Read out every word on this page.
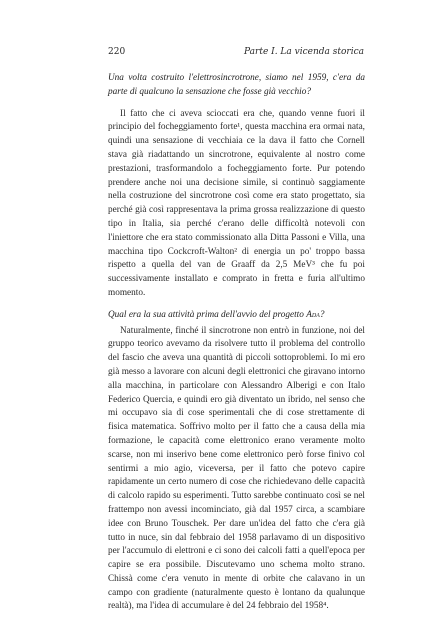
220	Parte I. La vicenda storica

Una volta costruito l'elettrosincrotrone, siamo nel 1959, c'era da parte di qualcuno la sensazione che fosse già vecchio?

Il fatto che ci aveva scioccati era che, quando venne fuori il principio del focheggiamento forte¹, questa macchina era ormai nata, quindi una sensazione di vecchiaia ce la dava il fatto che Cornell stava già riadattando un sincrotrone, equivalente al nostro come prestazioni, trasformandolo a focheggiamento forte. Pur potendo prendere anche noi una decisione simile, si continuò saggiamente nella costruzione del sincrotrone così come era stato progettato, sia perché già così rappresentava la prima grossa realizzazione di questo tipo in Italia, sia perché c'erano delle difficoltà notevoli con l'iniettore che era stato commissionato alla Ditta Passoni e Villa, una macchina tipo Cockcroft-Walton² di energia un po' troppo bassa rispetto a quella del van de Graaff da 2,5 MeV³ che fu poi successivamente installato e comprato in fretta e furia all'ultimo momento.

Qual era la sua attività prima dell'avvio del progetto Ada?

Naturalmente, finché il sincrotrone non entrò in funzione, noi del gruppo teorico avevamo da risolvere tutto il problema del controllo del fascio che aveva una quantità di piccoli sottoproblemi. Io mi ero già messo a lavorare con alcuni degli elettronici che giravano intorno alla macchina, in particolare con Alessandro Alberigi e con Italo Federico Quercia, e quindi ero già diventato un ibrido, nel senso che mi occupavo sia di cose sperimentali che di cose strettamente di fisica matematica. Soffrivo molto per il fatto che a causa della mia formazione, le capacità come elettronico erano veramente molto scarse, non mi inserivo bene come elettronico però forse finivo col sentirmi a mio agio, viceversa, per il fatto che potevo capire rapidamente un certo numero di cose che richiedevano delle capacità di calcolo rapido su esperimenti. Tutto sarebbe continuato così se nel frattempo non avessi incominciato, già dal 1957 circa, a scambiare idee con Bruno Touschek. Per dare un'idea del fatto che c'era già tutto in nuce, sin dal febbraio del 1958 parlavamo di un dispositivo per l'accumulo di elettroni e ci sono dei calcoli fatti a quell'epoca per capire se era possibile. Discutevamo uno schema molto strano. Chissà come c'era venuto in mente di orbite che calavano in un campo con gradiente (naturalmente questo è lontano da qualunque realtà), ma l'idea di accumulare è del 24 febbraio del 1958⁴.
